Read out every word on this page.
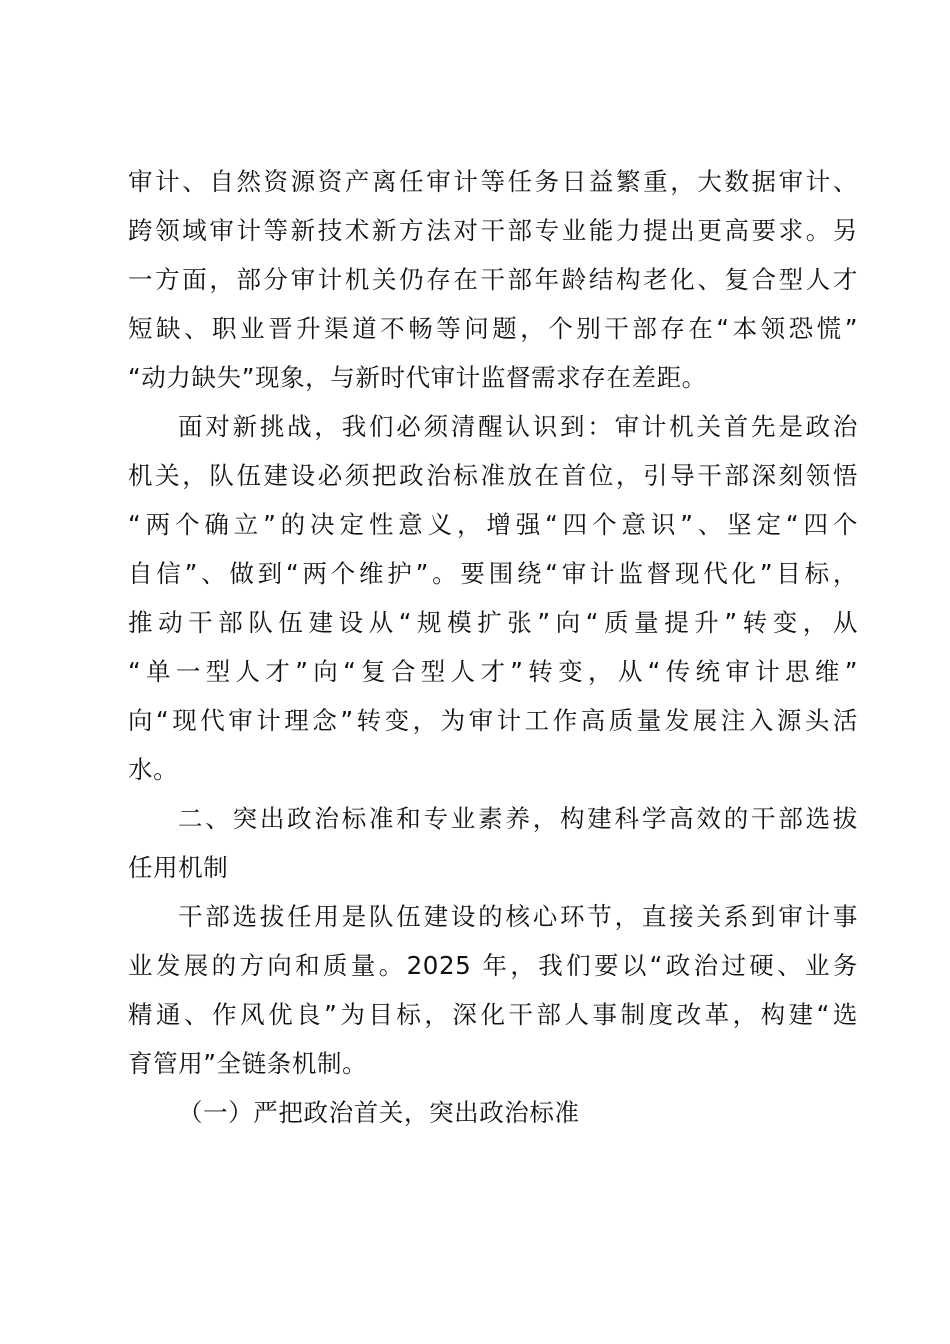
审计、自然资源资产离任审计等任务日益繁重，大数据审计、
跨领域审计等新技术新方法对干部专业能力提出更高要求。另
一方面，部分审计机关仍存在干部年龄结构老化、复合型人才
短缺、职业晋升渠道不畅等问题，个别干部存在“本领恐慌”
“动力缺失”现象，与新时代审计监督需求存在差距。

面对新挑战，我们必须清醒认识到：审计机关首先是政治
机关，队伍建设必须把政治标准放在首位，引导干部深刻领悟
“两个确立”的决定性意义，增强“四个意识”、坚定“四个
自信”、做到“两个维护”。要围绕“审计监督现代化”目标，
推动干部队伍建设从“规模扩张”向“质量提升”转变，从
“单一型人才”向“复合型人才”转变，从“传统审计思维”
向“现代审计理念”转变，为审计工作高质量发展注入源头活
水。

二、突出政治标准和专业素养，构建科学高效的干部选拔
任用机制

干部选拔任用是队伍建设的核心环节，直接关系到审计事
业发展的方向和质量。2025 年，我们要以“政治过硬、业务
精通、作风优良”为目标，深化干部人事制度改革，构建“选
育管用”全链条机制。

（一）严把政治首关，突出政治标准
